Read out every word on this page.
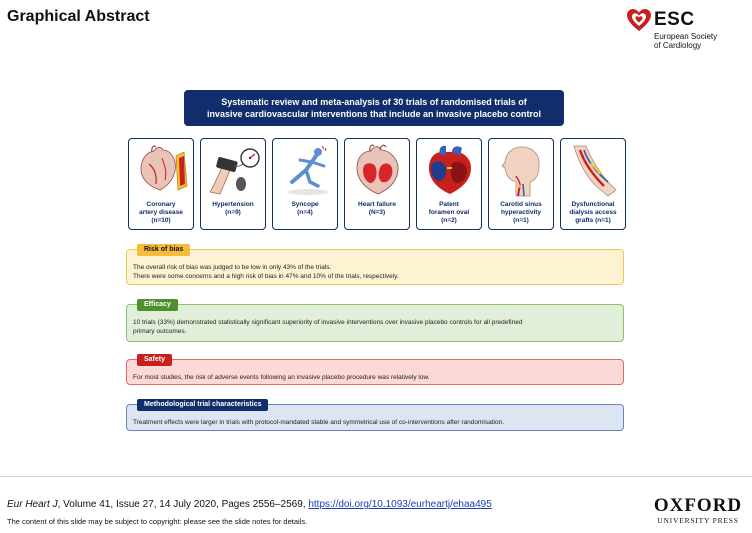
Graphical Abstract	ESC
European Society
of Cardiology
Systematic review and meta-analysis of 30 trials of randomised trials of
invasive cardiovascular interventions that include an invasive placebo control
Coronary
artery disease
(n=10)
Hypertension
(n=9)
Syncope
(n=4)
Heart failure
(N=3)
Patent
foramen oval
(n=2)
Carotid sinus
hyperactivity
(n=1)
Dysfunctional
dialysis access
grafts (n=1)
Risk of bias
The overall risk of bias was judged to be low in only 43% of the trials.
There were some concerns and a high risk of bias in 47% and 10% of the trials, respectively.
Efficacy
10 trials (33%) demonstrated statistically significant superiority of invasive interventions over invasive placebo controls for all predefined
primary outcomes.
Safety
For most studies, the risk of adverse events following an invasive placebo procedure was relatively low.
Methodological trial characteristics
Treatment effects were larger in trials with protocol-mandated stable and symmetrical use of co-interventions after randomisation.
Eur Heart J, Volume 41, Issue 27, 14 July 2020, Pages 2556–2569, https://doi.org/10.1093/eurheartj/ehaa495
The content of this slide may be subject to copyright: please see the slide notes for details.
OXFORD
UNIVERSITY PRESS
